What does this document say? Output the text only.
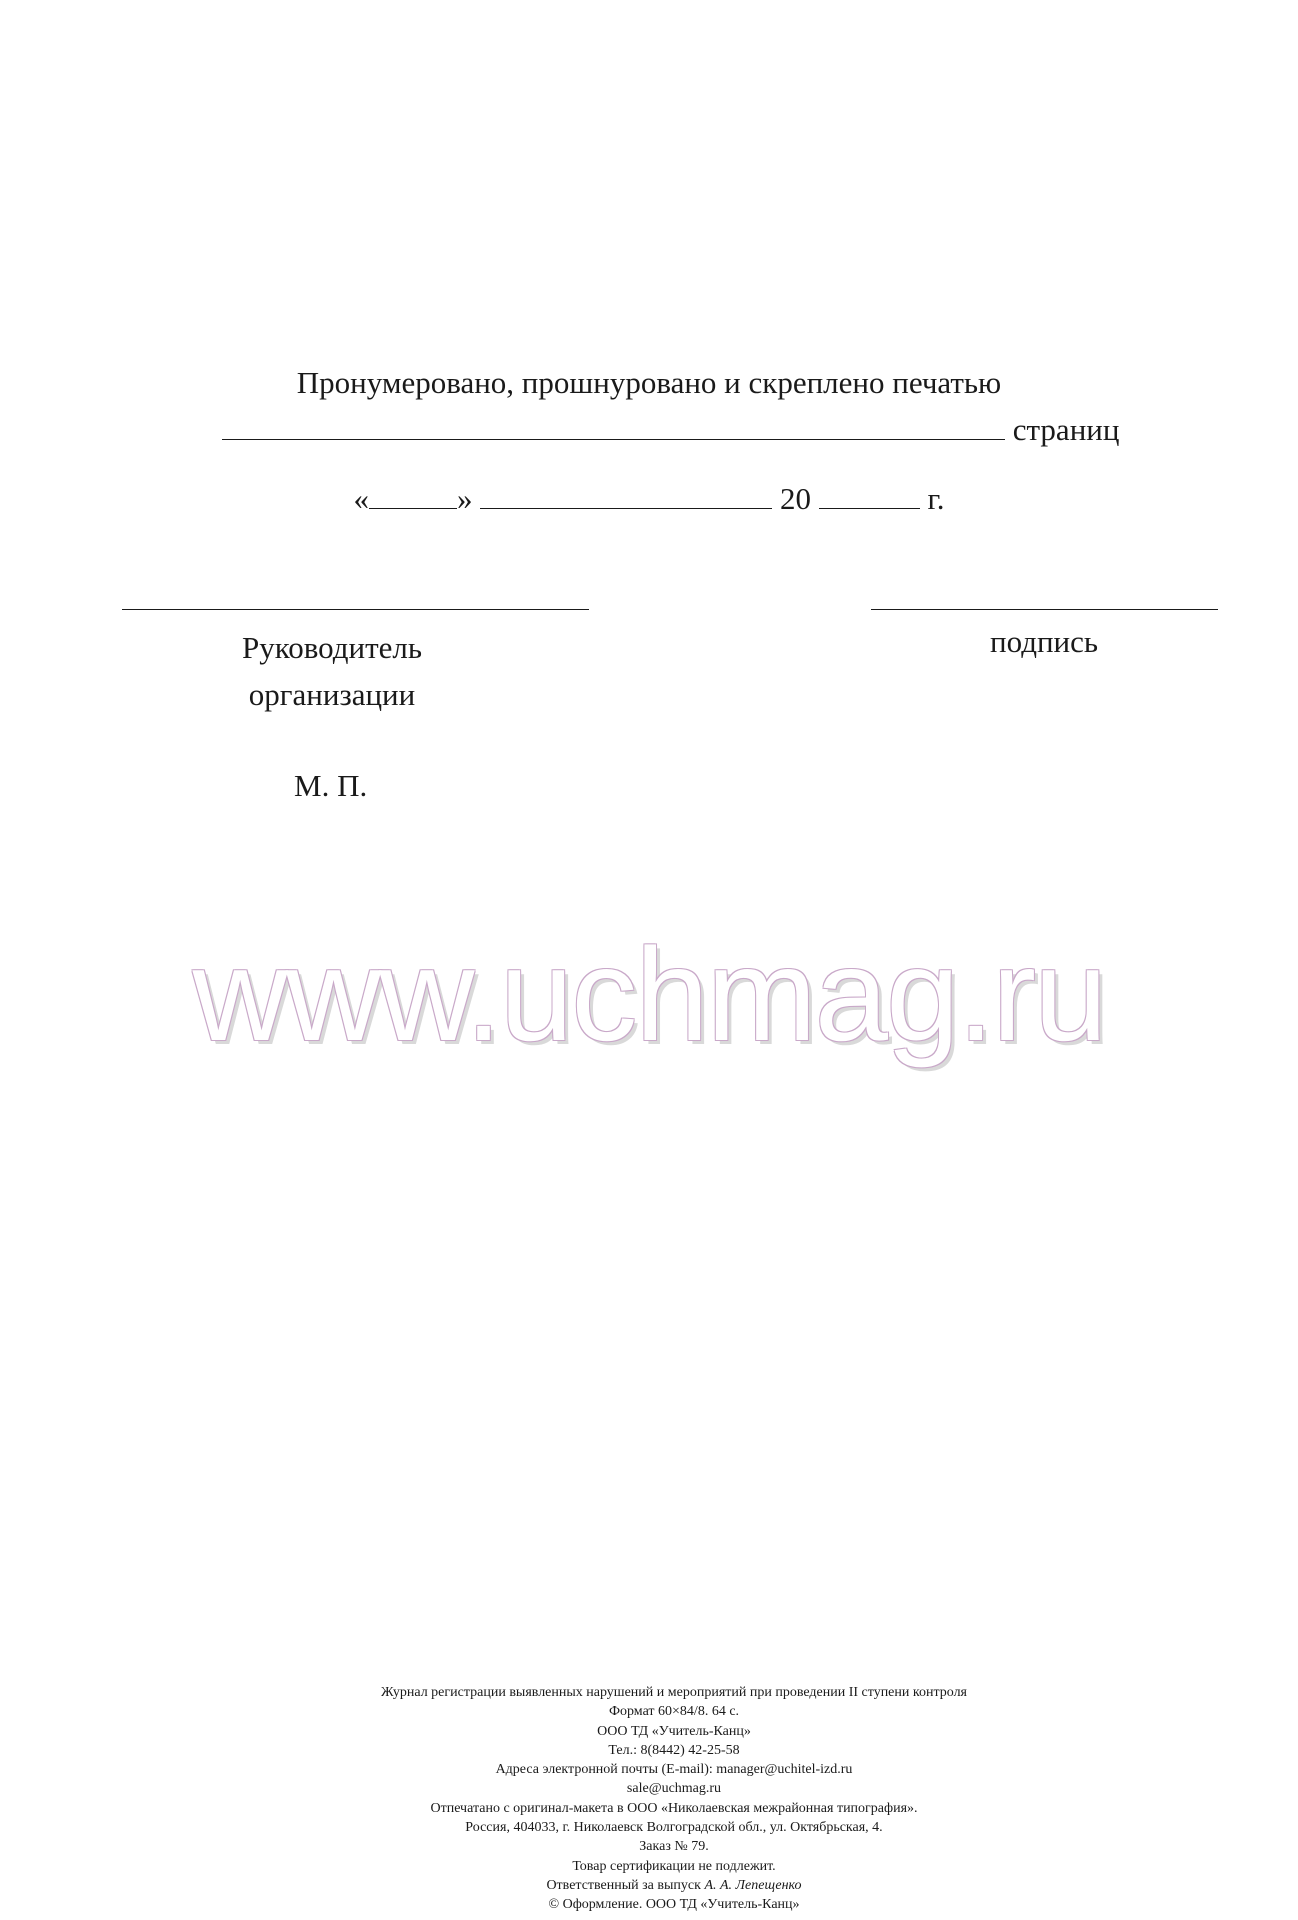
Пронумеровано, прошнуровано и скреплено печатью
страниц
«	»	20	г.
Руководитель
организации
подпись
М. П.
www.uchmag.ru
Журнал регистрации выявленных нарушений и мероприятий при проведении II ступени контроля
Формат 60×84/8. 64 с.
ООО ТД «Учитель-Канц»
Тел.: 8(8442) 42-25-58
Адреса электронной почты (E-mail): manager@uchitel-izd.ru
sale@uchmag.ru
Отпечатано с оригинал-макета в ООО «Николаевская межрайонная типография».
Россия, 404033, г. Николаевск Волгоградской обл., ул. Октябрьская, 4.
Заказ № 79.
Товар сертификации не подлежит.
Ответственный за выпуск А. А. Лепещенко
© Оформление. ООО ТД «Учитель-Канц»
